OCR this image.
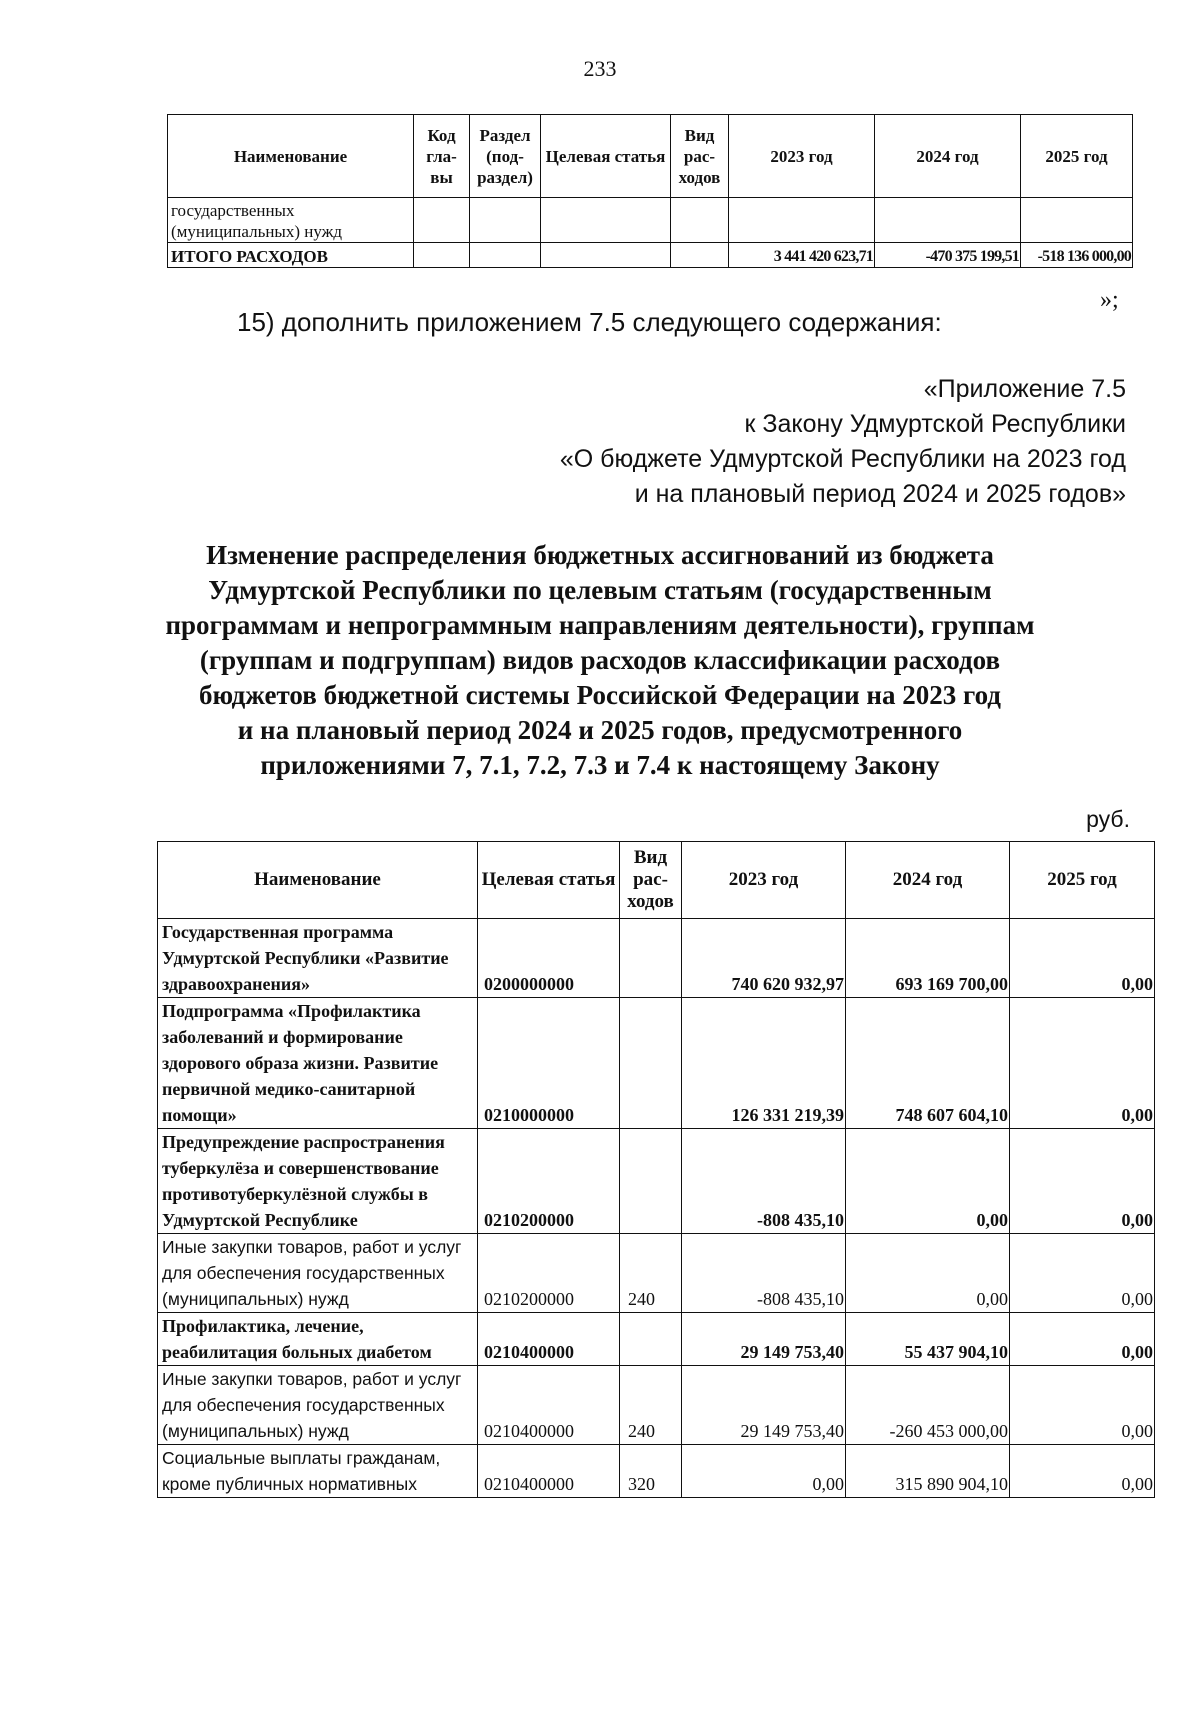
233
Наименование	Код гла-вы	Раздел (под-раздел)	Целевая статья	Вид рас-ходов	2023 год	2024 год	2025 год
государственных (муниципальных) нужд							
ИТОГО РАСХОДОВ					3 441 420 623,71	-470 375 199,51	-518 136 000,00
»;
15) дополнить приложением 7.5 следующего содержания:
«Приложение 7.5
к Закону Удмуртской Республики
«О бюджете Удмуртской Республики на 2023 год
и на плановый период 2024 и 2025 годов»
Изменение распределения бюджетных ассигнований из бюджета
Удмуртской Республики по целевым статьям (государственным
программам и непрограммным направлениям деятельности), группам
(группам и подгруппам) видов расходов классификации расходов
бюджетов бюджетной системы Российской Федерации на 2023 год
и на плановый период 2024 и 2025 годов, предусмотренного
приложениями 7, 7.1, 7.2, 7.3 и 7.4 к настоящему Закону
руб.
Наименование	Целевая статья	Вид рас-ходов	2023 год	2024 год	2025 год
Государственная программа Удмуртской Республики «Развитие здравоохранения»	0200000000		740 620 932,97	693 169 700,00	0,00
Подпрограмма «Профилактика заболеваний и формирование здорового образа жизни. Развитие первичной медико-санитарной помощи»	0210000000		126 331 219,39	748 607 604,10	0,00
Предупреждение распространения туберкулёза и совершенствование противотуберкулёзной службы в Удмуртской Республике	0210200000		-808 435,10	0,00	0,00
Иные закупки товаров, работ и услуг для обеспечения государственных (муниципальных) нужд	0210200000	240	-808 435,10	0,00	0,00
Профилактика, лечение, реабилитация больных диабетом	0210400000		29 149 753,40	55 437 904,10	0,00
Иные закупки товаров, работ и услуг для обеспечения государственных (муниципальных) нужд	0210400000	240	29 149 753,40	-260 453 000,00	0,00
Социальные выплаты гражданам, кроме публичных нормативных	0210400000	320	0,00	315 890 904,10	0,00
